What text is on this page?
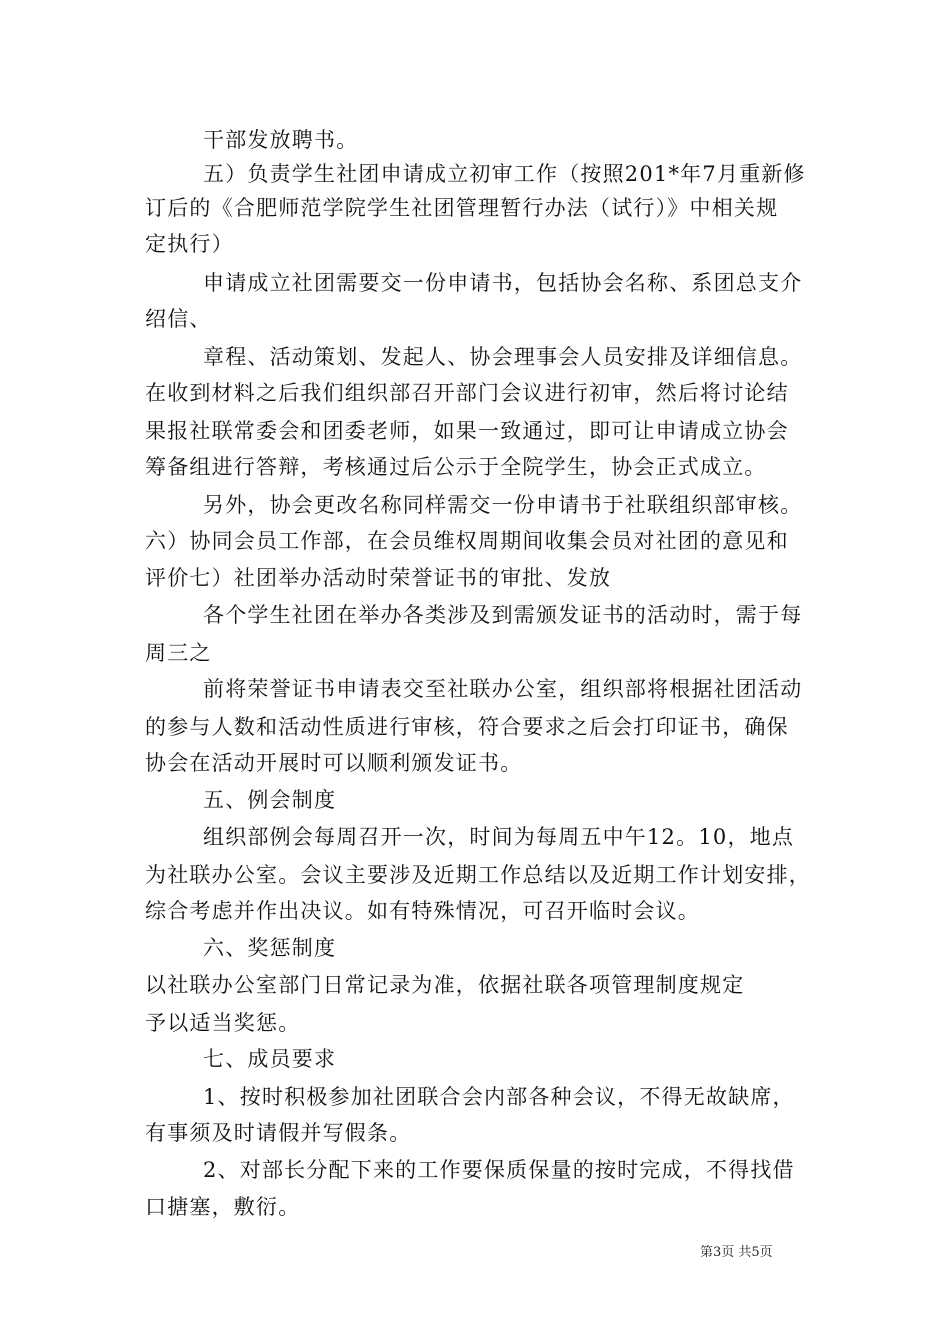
干部发放聘书。
五）负责学生社团申请成立初审工作（按照201*年7月重新修
订后的《合肥师范学院学生社团管理暂行办法（试行）》中相关规
定执行）
申请成立社团需要交一份申请书，包括协会名称、系团总支介
绍信、
章程、活动策划、发起人、协会理事会人员安排及详细信息。
在收到材料之后我们组织部召开部门会议进行初审，然后将讨论结
果报社联常委会和团委老师，如果一致通过，即可让申请成立协会
筹备组进行答辩，考核通过后公示于全院学生，协会正式成立。
另外，协会更改名称同样需交一份申请书于社联组织部审核。
六）协同会员工作部，在会员维权周期间收集会员对社团的意见和
评价七）社团举办活动时荣誉证书的审批、发放
各个学生社团在举办各类涉及到需颁发证书的活动时，需于每
周三之
前将荣誉证书申请表交至社联办公室，组织部将根据社团活动
的参与人数和活动性质进行审核，符合要求之后会打印证书，确保
协会在活动开展时可以顺利颁发证书。
五、例会制度
组织部例会每周召开一次，时间为每周五中午12。10，地点
为社联办公室。会议主要涉及近期工作总结以及近期工作计划安排，
综合考虑并作出决议。如有特殊情况，可召开临时会议。
六、奖惩制度
以社联办公室部门日常记录为准，依据社联各项管理制度规定
予以适当奖惩。
七、成员要求
1、按时积极参加社团联合会内部各种会议，不得无故缺席，
有事须及时请假并写假条。
2、对部长分配下来的工作要保质保量的按时完成，不得找借
口搪塞，敷衍。
第3页 共5页
